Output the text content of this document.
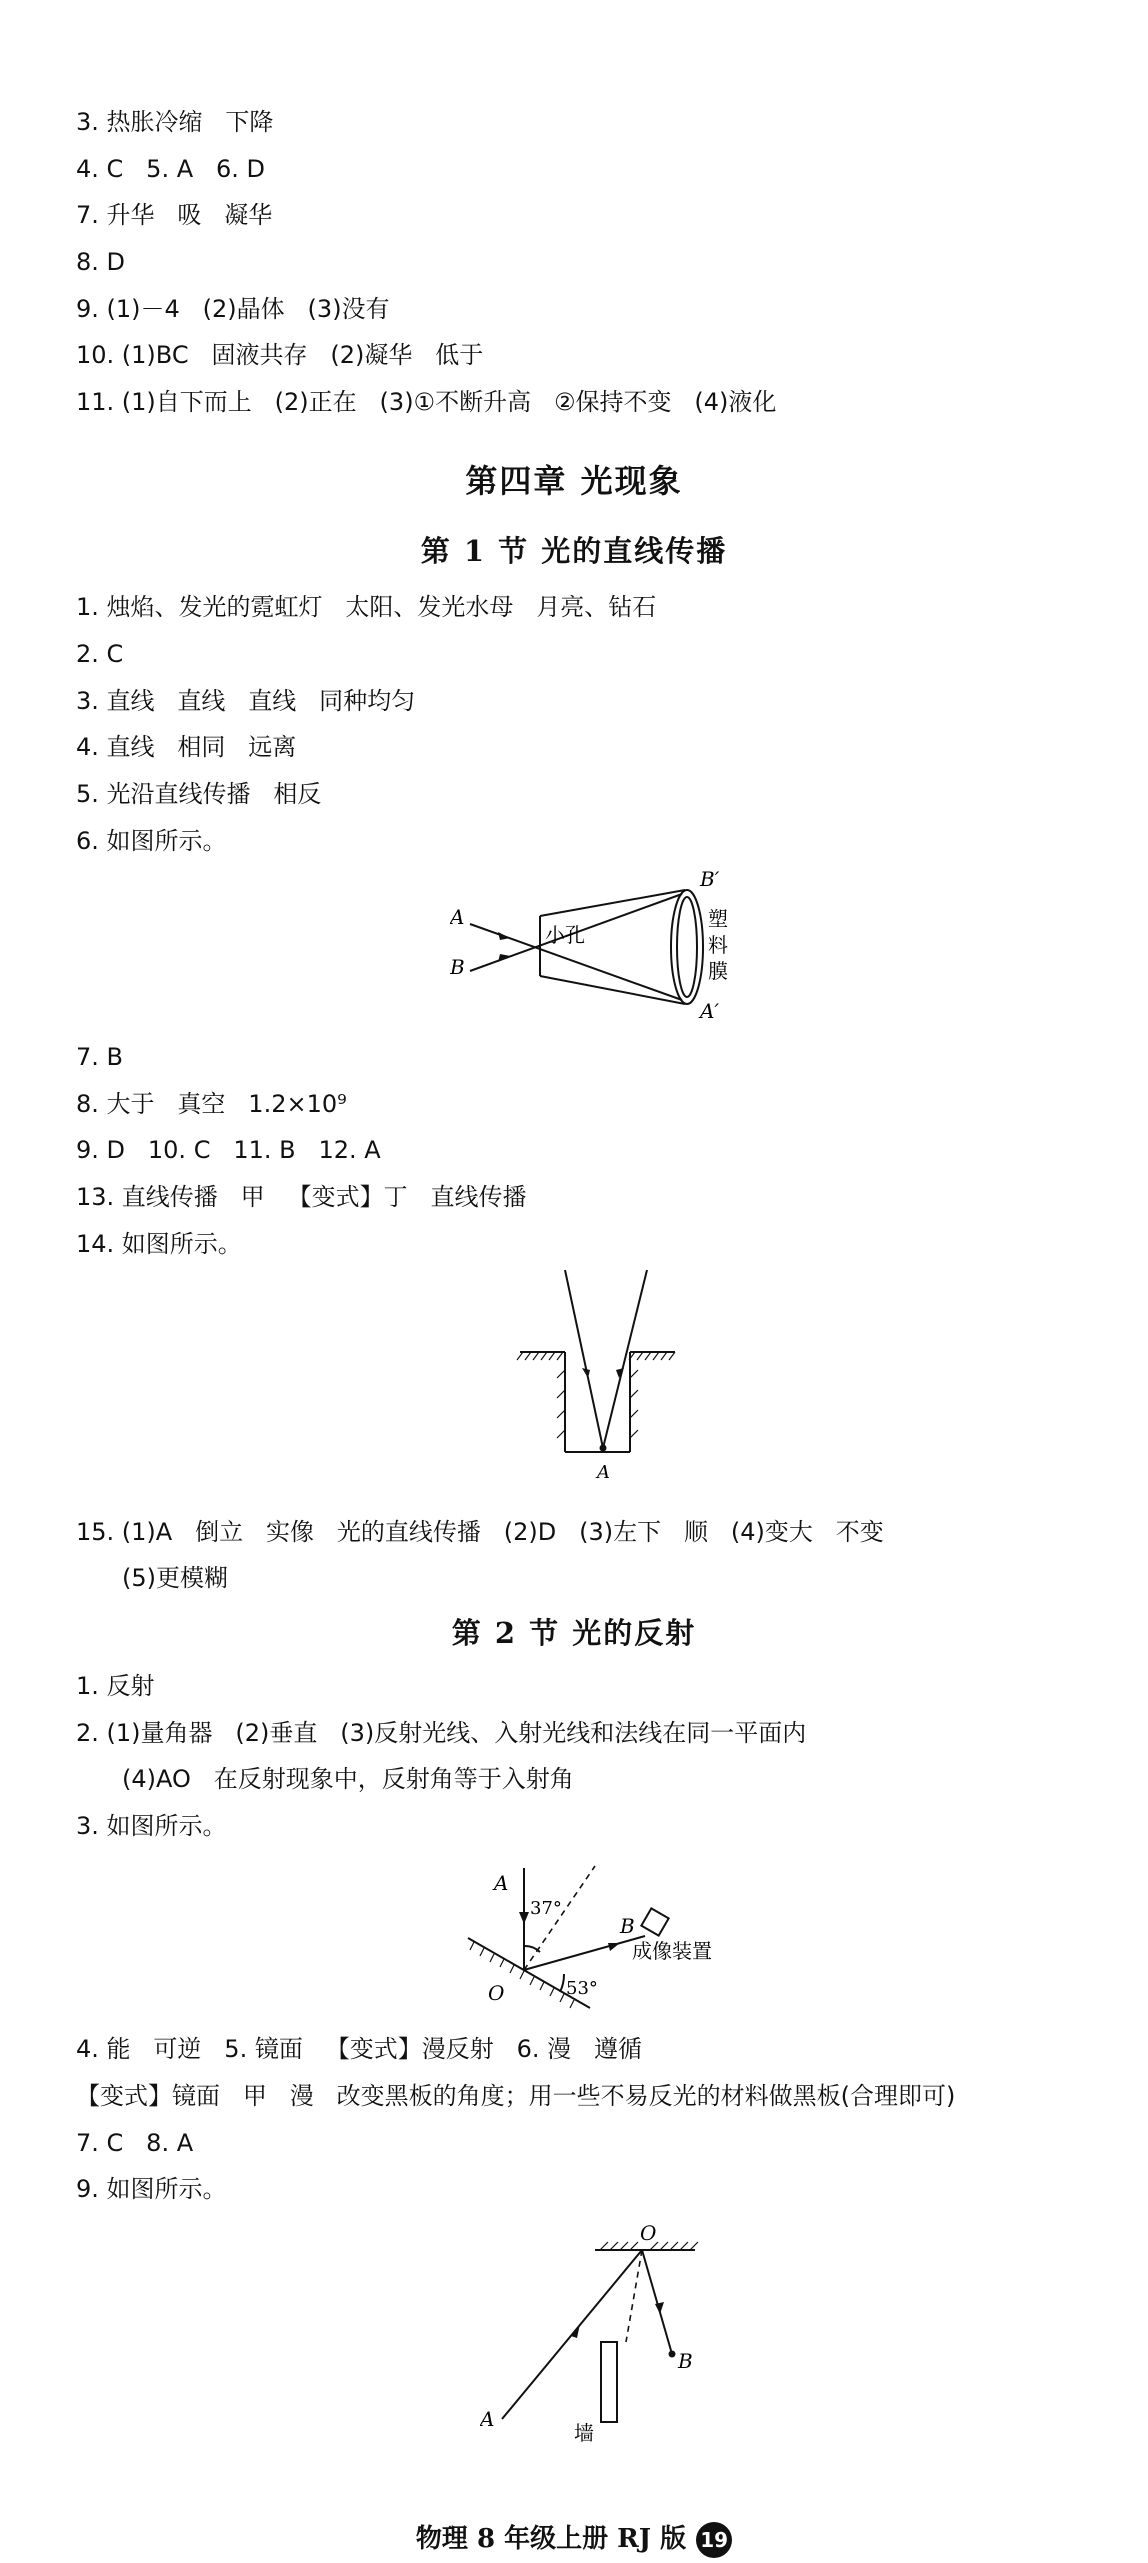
3. 热胀冷缩   下降
4. C   5. A   6. D
7. 升华   吸   凝华
8. D
9. (1)－4   (2)晶体   (3)没有
10. (1)BC   固液共存   (2)凝华   低于
11. (1)自下而上   (2)正在   (3)①不断升高   ②保持不变   (4)液化
第四章 光现象
第 1 节 光的直线传播
1. 烛焰、发光的霓虹灯   太阳、发光水母   月亮、钻石
2. C
3. 直线   直线   直线   同种均匀
4. 直线   相同   远离
5. 光沿直线传播   相反
6. 如图所示。
A
B
小孔
B′
A′
塑
料
膜
7. B
8. 大于   真空   1.2×10⁹
9. D   10. C   11. B   12. A
13. 直线传播   甲   【变式】丁   直线传播
14. 如图所示。
A
15. (1)A   倒立   实像   光的直线传播   (2)D   (3)左下   顺   (4)变大   不变
(5)更模糊
第 2 节 光的反射
1. 反射
2. (1)量角器   (2)垂直   (3)反射光线、入射光线和法线在同一平面内
(4)AO   在反射现象中，反射角等于入射角
3. 如图所示。
A
37°
B
成像装置
O	53°
4. 能   可逆   5. 镜面   【变式】漫反射   6. 漫   遵循
【变式】镜面   甲   漫   改变黑板的角度；用一些不易反光的材料做黑板(合理即可)
7. C   8. A
9. 如图所示。
O
A
B
墙
物理 8 年级上册 RJ 版 19
